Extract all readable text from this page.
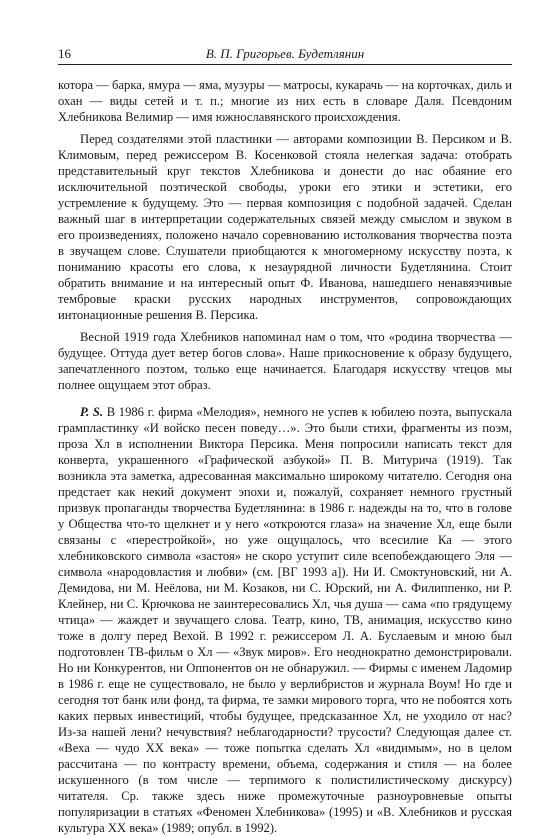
16	В. П. Григорьев. Будетлянин

котора — барка, ямура — яма, музуры — матросы, кукарачь — на корточках, диль и охан — виды сетей и т. п.; многие из них есть в словаре Даля. Псевдоним Хлебникова Велимир — имя южнославянского происхождения.

Перед создателями этой пластинки — авторами композиции В. Персиком и В. Климовым, перед режиссером В. Косенковой стояла нелегкая задача: отобрать представительный круг текстов Хлебникова и донести до нас обаяние его исключительной поэтической свободы, уроки его этики и эстетики, его устремление к будущему. Это — первая композиция с подобной задачей. Сделан важный шаг в интерпретации содержательных связей между смыслом и звуком в его произведениях, положено начало соревнованию истолкования творчества поэта в звучащем слове. Слушатели приобщаются к многомерному искусству поэта, к пониманию красоты его слова, к незаурядной личности Будетлянина. Стоит обратить внимание и на интересный опыт Ф. Иванова, нашедшего ненавязчивые тембровые краски русских народных инструментов, сопровождающих интонационные решения В. Персика.

Весной 1919 года Хлебников напоминал нам о том, что «родина творчества — будущее. Оттуда дует ветер богов слова». Наше прикосновение к образу будущего, запечатленного поэтом, только еще начинается. Благодаря искусству чтецов мы полнее ощущаем этот образ.

P. S. В 1986 г. фирма «Мелодия», немного не успев к юбилею поэта, выпускала грампластинку «И войско песен поведу…». Это были стихи, фрагменты из поэм, проза Хл в исполнении Виктора Персика. Меня попросили написать текст для конверта, украшенного «Графической азбукой» П. В. Митурича (1919). Так возникла эта заметка, адресованная максимально широкому читателю. Сегодня она предстает как некий документ эпохи и, пожалуй, сохраняет немного грустный призвук пропаганды творчества Будетлянина: в 1986 г. надежды на то, что в голове у Общества что-то щелкнет и у него «откроются глаза» на значение Хл, еще были связаны с «перестройкой», но уже ощущалось, что всесилие Ка — этого хлебниковского символа «застоя» не скоро уступит силе всепобеждающего Эля — символа «народовластия и любви» (см. [ВГ 1993 а]). Ни И. Смоктуновский, ни А. Демидова, ни М. Неёлова, ни М. Козаков, ни С. Юрский, ни А. Филиппенко, ни Р. Клейнер, ни С. Крючкова не заинтересовались Хл, чья душа — сама «по грядущему чтица» — жаждет и звучащего слова. Театр, кино, ТВ, анимация, искусство кино тоже в долгу перед Вехой. В 1992 г. режиссером Л. А. Буслаевым и мною был подготовлен ТВ-фильм о Хл — «Звук миров». Его неоднократно демонстрировали. Но ни Конкурентов, ни Оппонентов он не обнаружил. — Фирмы с именем Ладомир в 1986 г. еще не существовало, не было у верлибристов и журнала Воум! Но где и сегодня тот банк или фонд, та фирма, те замки мирового торга, что не побоятся хоть каких первых инвестиций, чтобы будущее, предсказанное Хл, не уходило от нас? Из-за нашей лени? нечувствия? неблагодарности? трусости? Следующая далее ст. «Веха — чудо XX века» — тоже попытка сделать Хл «видимым», но в целом рассчитана — по контрасту времени, объема, содержания и стиля — на более искушенного (в том числе — терпимого к полистилистическому дискурсу) читателя. Ср. также здесь ниже промежуточные разноуровневые опыты популяризации в статьях «Феномен Хлебникова» (1995) и «В. Хлебников и русская культура XX века» (1989; опубл. в 1992).
